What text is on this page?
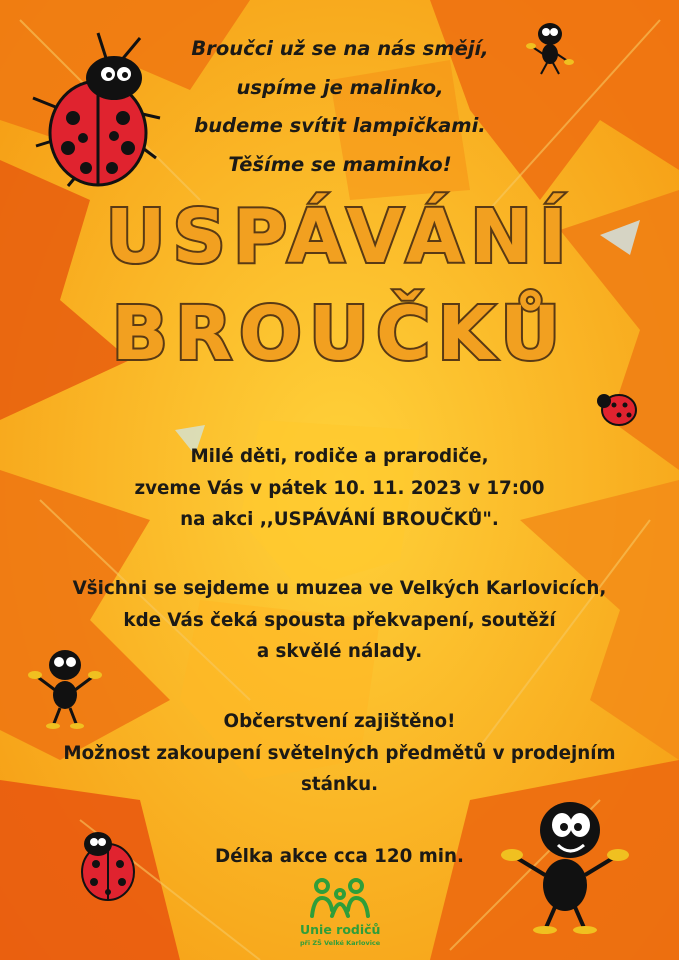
Broučci už se na nás smějí,
uspíme je malinko,
budeme svítit lampičkami.
Těšíme se maminko!
USPÁVÁNÍ
BROUČKŮ
Milé děti, rodiče a prarodiče,
zveme Vás v pátek 10. 11. 2023 v 17:00
na akci ,,USPÁVÁNÍ BROUČKŮ".
Všichni se sejdeme u muzea ve Velkých Karlovicích,
kde Vás čeká spousta překvapení, soutěží
a skvělé nálady.
Občerstvení zajištěno!
Možnost zakoupení světelných předmětů v prodejním
stánku.
Délka akce cca 120 min.
Unie rodičů
při ZŠ Velké Karlovice
